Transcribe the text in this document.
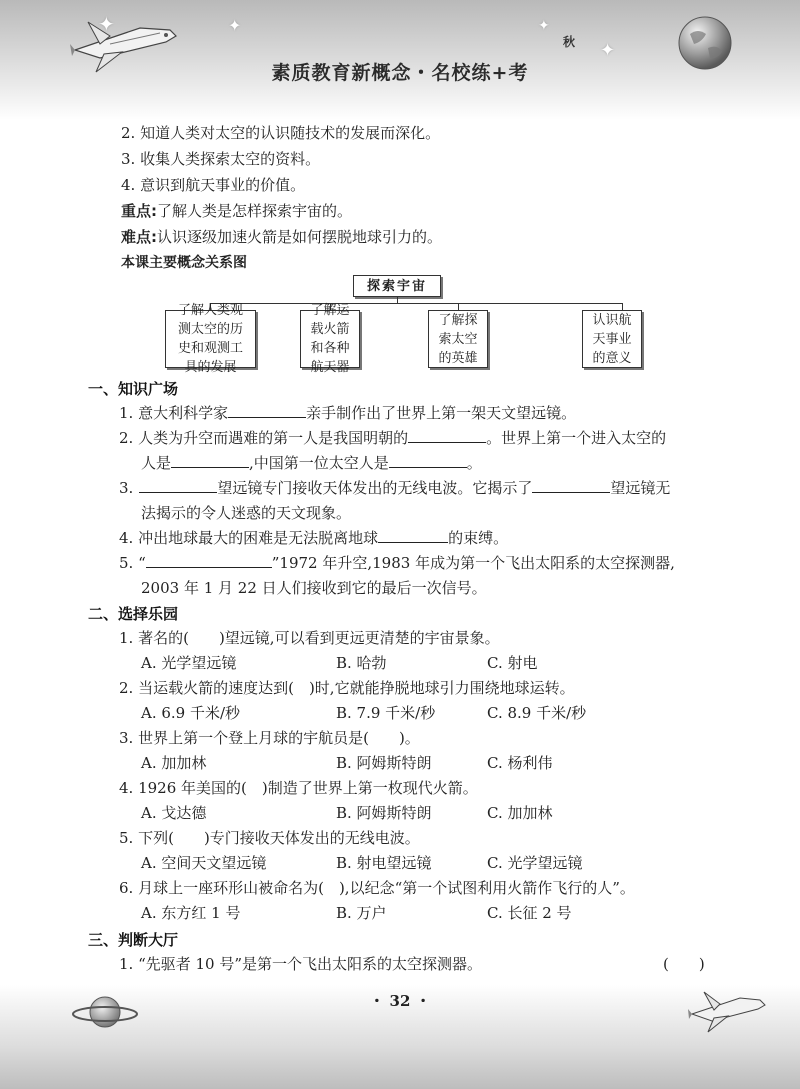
✦	✦
✦
✦
秋
素质教育新概念・名校练+考
2. 知道人类对太空的认识随技术的发展而深化。
3. 收集人类探索太空的资料。
4. 意识到航天事业的价值。
重点:了解人类是怎样探索宇宙的。
难点:认识逐级加速火箭是如何摆脱地球引力的。
本课主要概念关系图
探索宇宙
了解人类观
测太空的历
史和观测工
具的发展
了解运
载火箭
和各种
航天器
了解探
索太空
的英雄
认识航
天事业
的意义
一、知识广场
1. 意大利科学家	亲手制作出了世界上第一架天文望远镜。
2. 人类为升空而遇难的第一人是我国明朝的	。世界上第一个进入太空的
人是	,中国第一位太空人是	。
3.	望远镜专门接收天体发出的无线电波。它揭示了	望远镜无
法揭示的令人迷惑的天文现象。
4. 冲出地球最大的困难是无法脱离地球	的束缚。
5. “	”1972 年升空,1983 年成为第一个飞出太阳系的太空探测器,
2003 年 1 月 22 日人们接收到它的最后一次信号。
二、选择乐园
1. 著名的(　　 )望远镜,可以看到更远更清楚的宇宙景象。
A. 光学望远镜	B. 哈勃	C. 射电
2. 当运载火箭的速度达到(　 )时,它就能挣脱地球引力围绕地球运转。
A. 6.9 千米/秒	B. 7.9 千米/秒	C. 8.9 千米/秒
3. 世界上第一个登上月球的宇航员是(　　 )。
A. 加加林	B. 阿姆斯特朗	C. 杨利伟
4. 1926 年美国的(　 )制造了世界上第一枚现代火箭。
A. 戈达德	B. 阿姆斯特朗	C. 加加林
5. 下列(　　 )专门接收天体发出的无线电波。
A. 空间天文望远镜	B. 射电望远镜	C. 光学望远镜
6. 月球上一座环形山被命名为(　 ),以纪念“第一个试图利用火箭作飞行的人”。
A. 东方红 1 号	B. 万户	C. 长征 2 号
三、判断大厅
1. “先驱者 10 号”是第一个飞出太阳系的太空探测器。	(　　)
・ 32 ・
